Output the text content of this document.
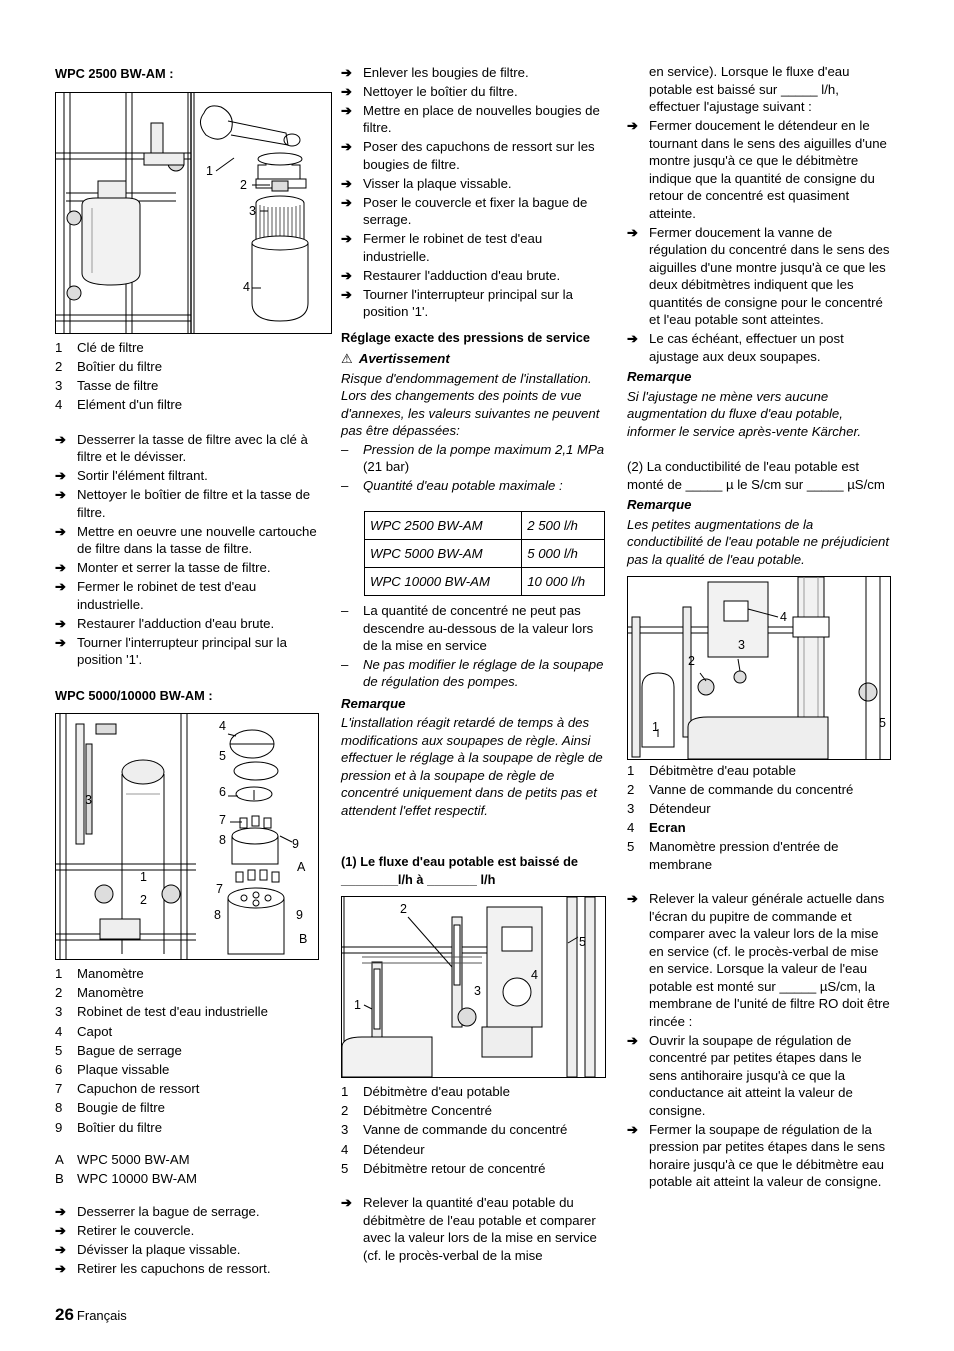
WPC 2500 BW-AM :

1
2
3
4
1 Clé de filtre
2 Boîtier du filtre
3 Tasse de filtre
4 Elément d'un filtre
➔ Desserrer la tasse de filtre avec la clé à filtre et le dévisser.
➔ Sortir l'élément filtrant.
➔ Nettoyer le boîtier de filtre et la tasse de filtre.
➔ Mettre en oeuvre une nouvelle cartouche de filtre dans la tasse de filtre.
➔ Monter et serrer la tasse de filtre.
➔ Fermer le robinet de test d'eau industrielle.
➔ Restaurer l'adduction d'eau brute.
➔ Tourner l'interrupteur principal sur la position '1'.

WPC 5000/10000 BW-AM :

4
5
6
7
8	9
A
3
1
2
7
8	9
B
1 Manomètre
2 Manomètre
3 Robinet de test d'eau industrielle
4 Capot
5 Bague de serrage
6 Plaque vissable
7 Capuchon de ressort
8 Bougie de filtre
9 Boîtier du filtre
A WPC 5000 BW-AM
B WPC 10000 BW-AM
➔ Desserrer la bague de serrage.
➔ Retirer le couvercle.
➔ Dévisser la plaque vissable.
➔ Retirer les capuchons de ressort.
➔ Enlever les bougies de filtre.
➔ Nettoyer le boîtier du filtre.
➔ Mettre en place de nouvelles bougies de filtre.
➔ Poser des capuchons de ressort sur les bougies de filtre.
➔ Visser la plaque vissable.
➔ Poser le couvercle et fixer la bague de serrage.
➔ Fermer le robinet de test d'eau industrielle.
➔ Restaurer l'adduction d'eau brute.
➔ Tourner l'interrupteur principal sur la position '1'.

Réglage exacte des pressions de service

⚠ Avertissement

Risque d'endommagement de l'installation. Lors des changements des points de vue d'annexes, les valeurs suivantes ne peuvent pas être dépassées:

– Pression de la pompe maximum 2,1 MPa (21 bar)
– Quantité d'eau potable maximale :
WPC 2500 BW-AM	2 500 l/h
WPC 5000 BW-AM	5 000 l/h
WPC 10000 BW-AM	10 000 l/h
– La quantité de concentré ne peut pas descendre au-dessous de la valeur lors de la mise en service
– Ne pas modifier le réglage de la soupape de régulation des pompes.

Remarque

L'installation réagit retardé de temps à des modifications aux soupapes de règle. Ainsi effectuer le réglage à la soupape de règle de pression et à la soupape de règle de concentré uniquement dans de petits pas et attendent l'effet respectif.

(1) Le fluxe d'eau potable est baissé de ________l/h à _______ l/h

2
5
4
3
1
1 Débitmètre d'eau potable
2 Débitmètre Concentré
3 Vanne de commande du concentré
4 Détendeur
5 Débitmètre retour de concentré
➔ Relever la quantité d'eau potable du débitmètre de l'eau potable et comparer avec la valeur lors de la mise en service (cf. le procès-verbal de la mise

en service). Lorsque le fluxe d'eau potable est baissé sur _____ l/h, effectuer l'ajustage suivant :

➔ Fermer doucement le détendeur en le tournant dans le sens des aiguilles d'une montre jusqu'à ce que le débitmètre indique que la quantité de consigne du retour de concentré est quasiment atteinte.
➔ Fermer doucement la vanne de régulation du concentré dans le sens des aiguilles d'une montre jusqu'à ce que les deux débitmètres indiquent que les quantités de consigne pour le concentré et l'eau potable sont atteintes.
➔ Le cas échéant, effectuer un post ajustage aux deux soupapes.

Remarque

Si l'ajustage ne mène vers aucune augmentation du fluxe d'eau potable, informer le service après-vente Kärcher.

(2) La conductibilité de l'eau potable est monté de _____ µ le S/cm sur _____ µS/cm

Remarque

Les petites augmentations de la conductibilité de l'eau potable ne préjudicient pas la qualité de l'eau potable.

4
3
2
1	5
1 Débitmètre d'eau potable
2 Vanne de commande du concentré
3 Détendeur
4 Ecran
5 Manomètre pression d'entrée de membrane
➔ Relever la valeur générale actuelle dans l'écran du pupitre de commande et comparer avec la valeur lors de la mise en service (cf. le procès-verbal de mise en service. Lorsque la valeur de l'eau potable est monté sur _____ µS/cm, la membrane de l'unité de filtre RO doit être rincée :
➔ Ouvrir la soupape de régulation de concentré par petites étapes dans le sens antihoraire jusqu'à ce que la conductance ait atteint la valeur de consigne.
➔ Fermer la soupape de régulation de la pression par petites étapes dans le sens horaire jusqu'à ce que le débitmètre eau potable ait atteint la valeur de consigne.
26 Français
